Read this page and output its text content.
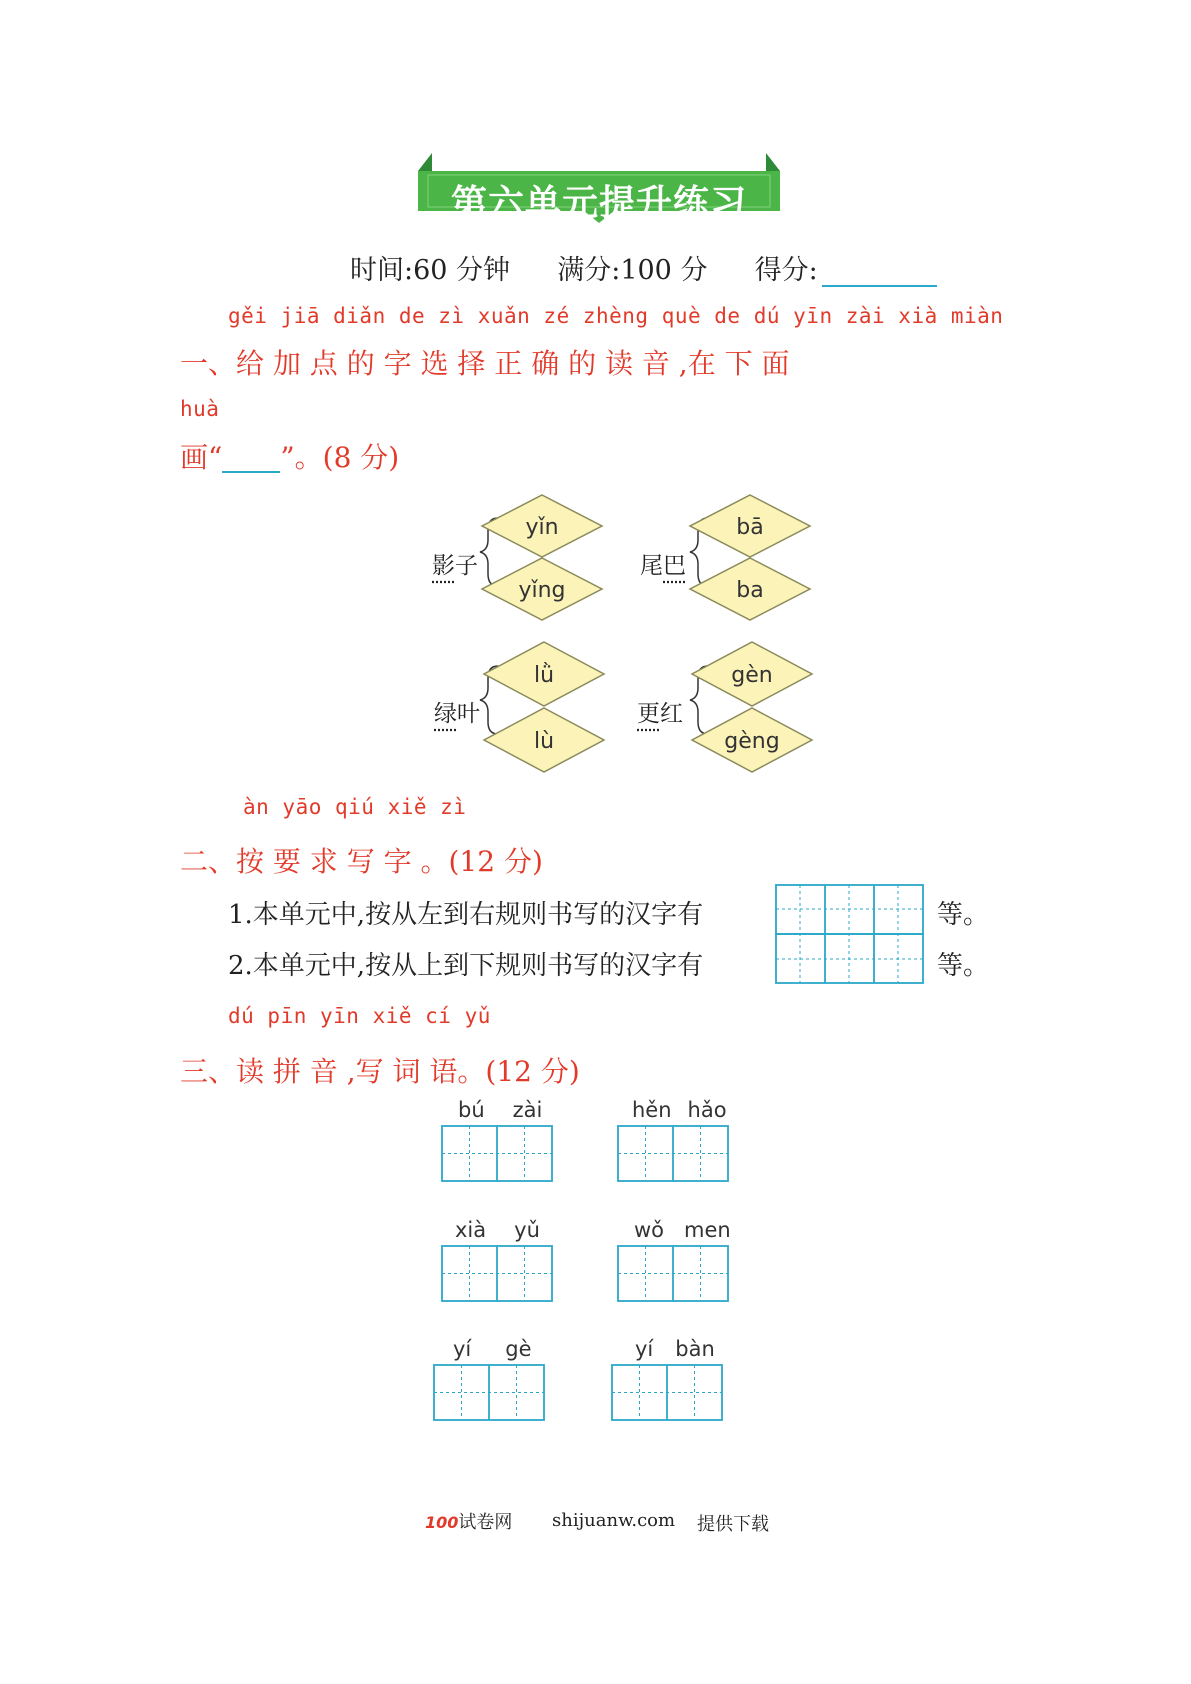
第六单元提升练习
时间:60 分钟 满分:100 分 得分:
gěi jiā diǎn de zì xuǎn zé zhèng què de dú yīn zài xià miàn
一、给 加 点 的 字 选 择 正 确 的 读 音 ,在 下 面
huà
画“ ”。(8 分)
yǐn
yǐng
bā
ba
lǜ
lù
gèn
gèng
影子	尾巴
绿叶	更红
àn yāo qiú xiě zì
二、按 要 求 写 字 。(12 分)
1.本单元中,按从左到右规则书写的汉字有
2.本单元中,按从上到下规则书写的汉字有
等。
等。
dú pīn yīn xiě cí yǔ
三、读 拼 音 ,写 词 语。(12 分)
bú zài	hěn hǎo
xià yǔ	wǒ men
yí gè	yí bàn
100试卷网 shijuanw.com 提供下载
